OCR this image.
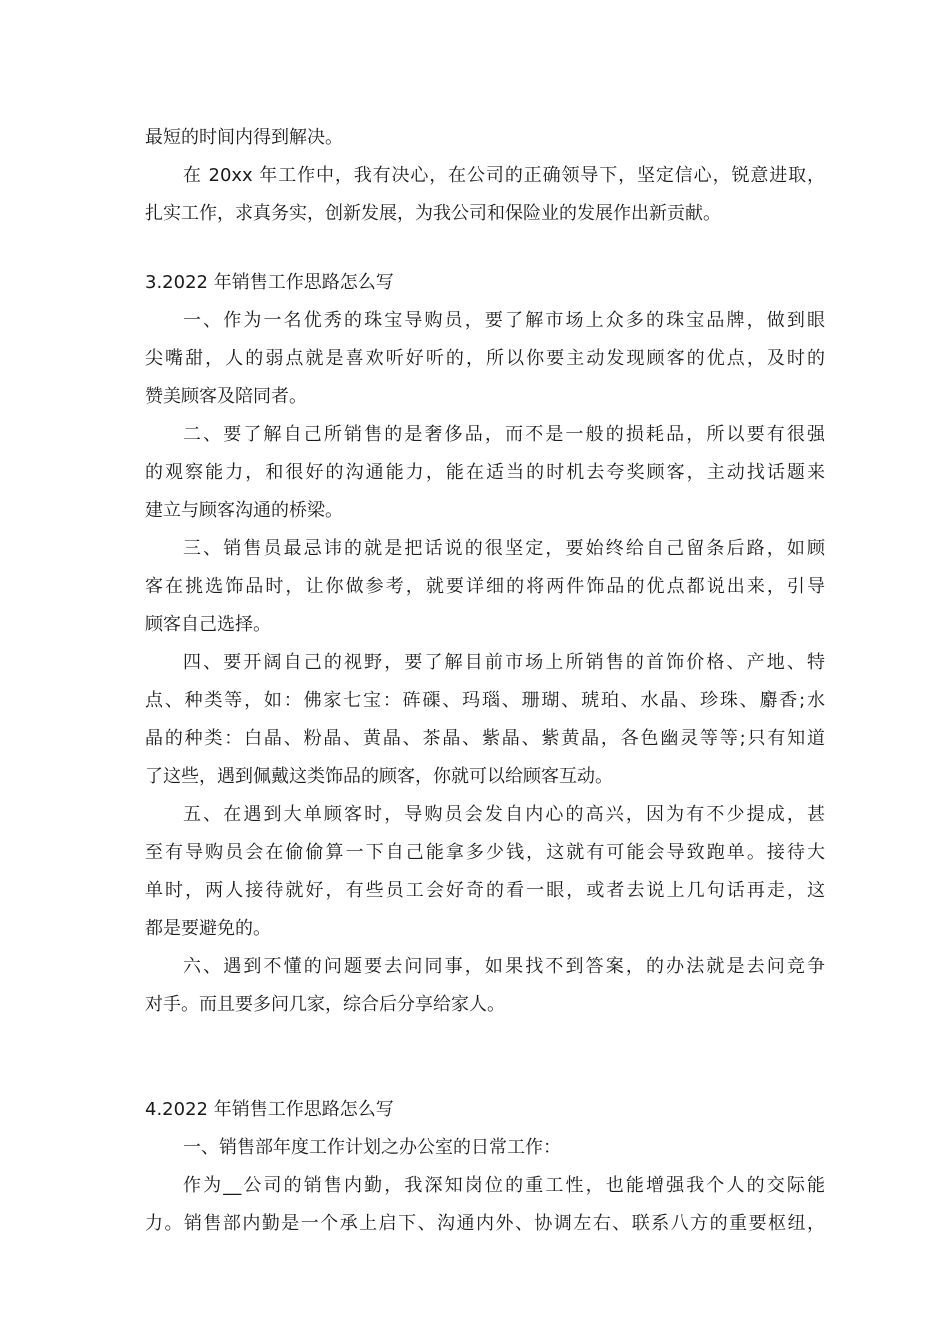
最短的时间内得到解决。
在 20xx 年工作中，我有决心，在公司的正确领导下，坚定信心，锐意进取，
扎实工作，求真务实，创新发展，为我公司和保险业的发展作出新贡献。
3.2022 年销售工作思路怎么写
一、作为一名优秀的珠宝导购员，要了解市场上众多的珠宝品牌，做到眼
尖嘴甜，人的弱点就是喜欢听好听的，所以你要主动发现顾客的优点，及时的
赞美顾客及陪同者。
二、要了解自己所销售的是奢侈品，而不是一般的损耗品，所以要有很强
的观察能力，和很好的沟通能力，能在适当的时机去夸奖顾客，主动找话题来
建立与顾客沟通的桥梁。
三、销售员最忌讳的就是把话说的很坚定，要始终给自己留条后路，如顾
客在挑选饰品时，让你做参考，就要详细的将两件饰品的优点都说出来，引导
顾客自己选择。
四、要开阔自己的视野，要了解目前市场上所销售的首饰价格、产地、特
点、种类等，如：佛家七宝：砗磲、玛瑙、珊瑚、琥珀、水晶、珍珠、麝香;水
晶的种类：白晶、粉晶、黄晶、茶晶、紫晶、紫黄晶，各色幽灵等等;只有知道
了这些，遇到佩戴这类饰品的顾客，你就可以给顾客互动。
五、在遇到大单顾客时，导购员会发自内心的高兴，因为有不少提成，甚
至有导购员会在偷偷算一下自己能拿多少钱，这就有可能会导致跑单。接待大
单时，两人接待就好，有些员工会好奇的看一眼，或者去说上几句话再走，这
都是要避免的。
六、遇到不懂的问题要去问同事，如果找不到答案，的办法就是去问竞争
对手。而且要多问几家，综合后分享给家人。
4.2022 年销售工作思路怎么写
一、销售部年度工作计划之办公室的日常工作：
作为__公司的销售内勤，我深知岗位的重工性，也能增强我个人的交际能
力。销售部内勤是一个承上启下、沟通内外、协调左右、联系八方的重要枢纽，
